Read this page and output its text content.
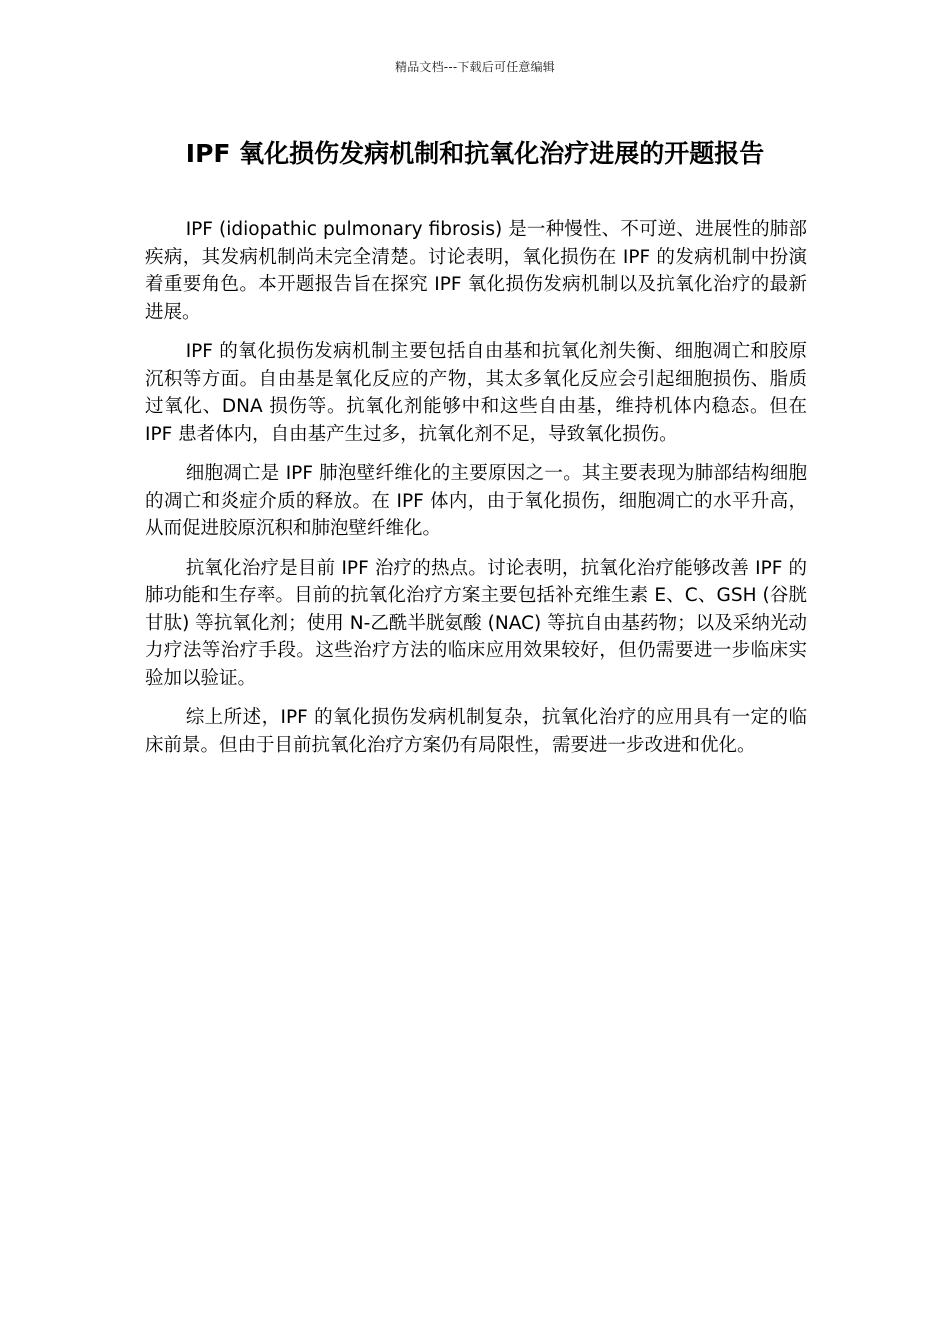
精品文档---下载后可任意编辑
IPF 氧化损伤发病机制和抗氧化治疗进展的开题报告

IPF (idiopathic pulmonary fibrosis) 是一种慢性、不可逆、进展性的肺部疾病，其发病机制尚未完全清楚。讨论表明，氧化损伤在 IPF 的发病机制中扮演着重要角色。本开题报告旨在探究 IPF 氧化损伤发病机制以及抗氧化治疗的最新进展。

IPF 的氧化损伤发病机制主要包括自由基和抗氧化剂失衡、细胞凋亡和胶原沉积等方面。自由基是氧化反应的产物，其太多氧化反应会引起细胞损伤、脂质过氧化、DNA 损伤等。抗氧化剂能够中和这些自由基，维持机体内稳态。但在 IPF 患者体内，自由基产生过多，抗氧化剂不足，导致氧化损伤。

细胞凋亡是 IPF 肺泡壁纤维化的主要原因之一。其主要表现为肺部结构细胞的凋亡和炎症介质的释放。在 IPF 体内，由于氧化损伤，细胞凋亡的水平升高，从而促进胶原沉积和肺泡壁纤维化。

抗氧化治疗是目前 IPF 治疗的热点。讨论表明，抗氧化治疗能够改善 IPF 的肺功能和生存率。目前的抗氧化治疗方案主要包括补充维生素 E、C、GSH (谷胱甘肽) 等抗氧化剂；使用 N-乙酰半胱氨酸 (NAC) 等抗自由基药物；以及采纳光动力疗法等治疗手段。这些治疗方法的临床应用效果较好，但仍需要进一步临床实验加以验证。

综上所述，IPF 的氧化损伤发病机制复杂，抗氧化治疗的应用具有一定的临床前景。但由于目前抗氧化治疗方案仍有局限性，需要进一步改进和优化。
